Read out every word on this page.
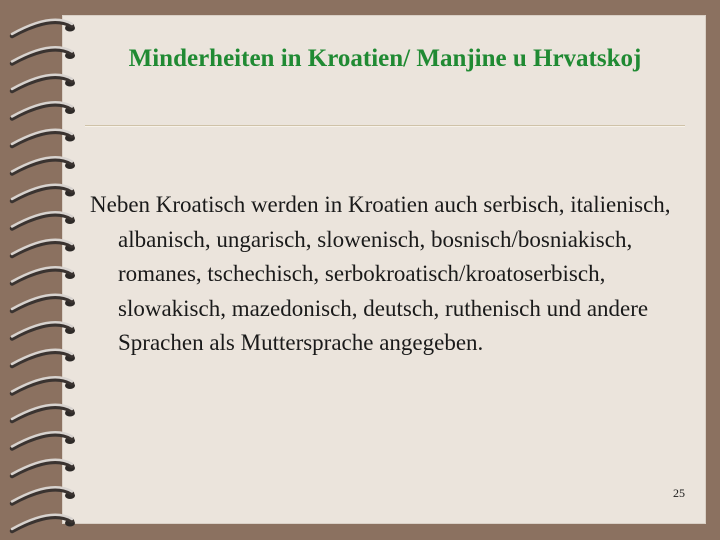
Minderheiten in Kroatien/ Manjine u Hrvatskoj

Neben Kroatisch werden in Kroatien auch serbisch, italienisch, albanisch, ungarisch, slowenisch, bosnisch/bosniakisch, romanes, tschechisch, serbokroatisch/kroatoserbisch, slowakisch, mazedonisch, deutsch, ruthenisch und andere Sprachen als Muttersprache angegeben.

25
